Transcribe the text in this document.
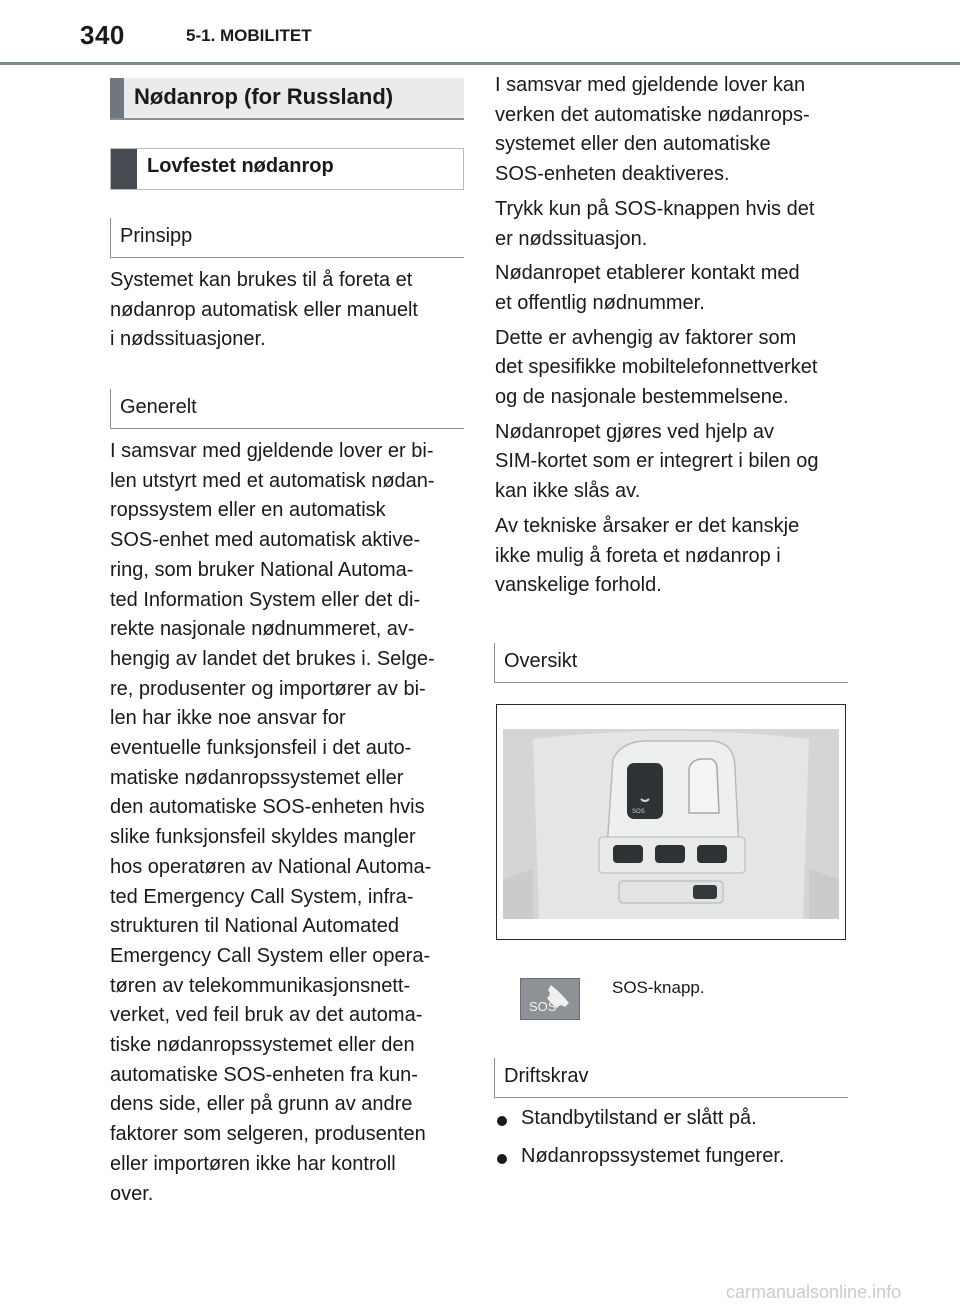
340	5-1. MOBILITET
Nødanrop (for Russland)
Lovfestet nødanrop
Prinsipp
Systemet kan brukes til å foreta et
nødanrop automatisk eller manuelt
i nødssituasjoner.
Generelt
I samsvar med gjeldende lover er bi-
len utstyrt med et automatisk nødan-
ropssystem eller en automatisk
SOS-enhet med automatisk aktive-
ring, som bruker National Automa-
ted Information System eller det di-
rekte nasjonale nødnummeret, av-
hengig av landet det brukes i. Selge-
re, produsenter og importører av bi-
len har ikke noe ansvar for
eventuelle funksjonsfeil i det auto-
matiske nødanropssystemet eller
den automatiske SOS-enheten hvis
slike funksjonsfeil skyldes mangler
hos operatøren av National Automa-
ted Emergency Call System, infra-
strukturen til National Automated
Emergency Call System eller opera-
tøren av telekommunikasjonsnett-
verket, ved feil bruk av det automa-
tiske nødanropssystemet eller den
automatiske SOS-enheten fra kun-
dens side, eller på grunn av andre
faktorer som selgeren, produsenten
eller importøren ikke har kontroll
over.

I samsvar med gjeldende lover kan
verken det automatiske nødanrops-
systemet eller den automatiske
SOS-enheten deaktiveres.

Trykk kun på SOS-knappen hvis det
er nødssituasjon.

Nødanropet etablerer kontakt med
et offentlig nødnummer.

Dette er avhengig av faktorer som
det spesifikke mobiltelefonnettverket
og de nasjonale bestemmelsene.

Nødanropet gjøres ved hjelp av
SIM-kortet som er integrert i bilen og
kan ikke slås av.

Av tekniske årsaker er det kanskje
ikke mulig å foreta et nødanrop i
vanskelige forhold.

Oversikt
SOS
SOS
SOS-knapp.
Driftskrav
Standbytilstand er slått på.
Nødanropssystemet fungerer.
carmanualsonline.info
